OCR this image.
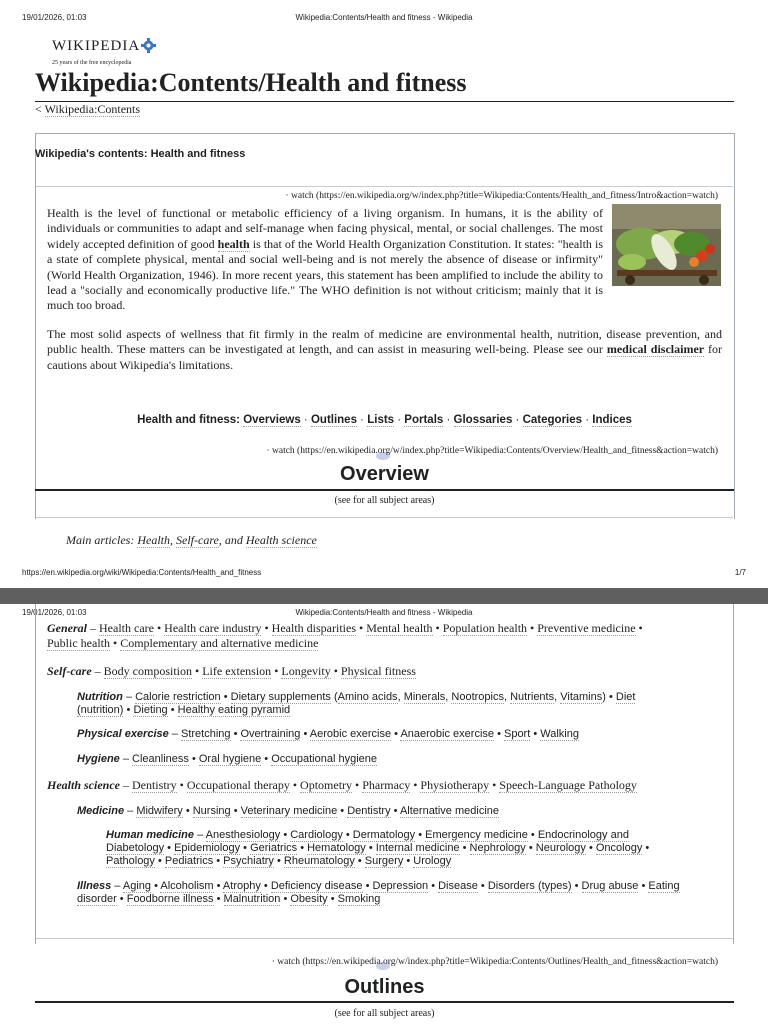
19/01/2026, 01:03	Wikipedia:Contents/Health and fitness - Wikipedia
WIKIPEDIA
25 years of the free encyclopedia
Wikipedia:Contents/Health and fitness
< Wikipedia:Contents
Wikipedia's contents: Health and fitness
· watch (https://en.wikipedia.org/w/index.php?title=Wikipedia:Contents/Health_and_fitness/Intro&action=watch)
Health is the level of functional or metabolic efficiency of a living organism. In humans, it is the ability of individuals or communities to adapt and self-manage when facing physical, mental, or social challenges. The most widely accepted definition of good health is that of the World Health Organization Constitution. It states: "health is a state of complete physical, mental and social well-being and is not merely the absence of disease or infirmity" (World Health Organization, 1946). In more recent years, this statement has been amplified to include the ability to lead a "socially and economically productive life." The WHO definition is not without criticism; mainly that it is much too broad.
The most solid aspects of wellness that fit firmly in the realm of medicine are environmental health, nutrition, disease prevention, and public health. These matters can be investigated at length, and can assist in measuring well-being. Please see our medical disclaimer for cautions about Wikipedia's limitations.
Health and fitness: Overviews · Outlines · Lists · Portals · Glossaries · Categories · Indices
· watch (https://en.wikipedia.org/w/index.php?title=Wikipedia:Contents/Overview/Health_and_fitness&action=watch)
Overview
(see for all subject areas)
Main articles: Health, Self-care, and Health science
https://en.wikipedia.org/wiki/Wikipedia:Contents/Health_and_fitness	1/7
19/01/2026, 01:03	Wikipedia:Contents/Health and fitness - Wikipedia
General – Health care • Health care industry • Health disparities • Mental health • Population health • Preventive medicine •
Public health • Complementary and alternative medicine
Self-care – Body composition • Life extension • Longevity • Physical fitness
Nutrition – Calorie restriction • Dietary supplements (Amino acids, Minerals, Nootropics, Nutrients, Vitamins) • Diet
(nutrition) • Dieting • Healthy eating pyramid
Physical exercise – Stretching • Overtraining • Aerobic exercise • Anaerobic exercise • Sport • Walking
Hygiene – Cleanliness • Oral hygiene • Occupational hygiene
Health science – Dentistry • Occupational therapy • Optometry • Pharmacy • Physiotherapy • Speech-Language Pathology
Medicine – Midwifery • Nursing • Veterinary medicine • Dentistry • Alternative medicine
Human medicine – Anesthesiology • Cardiology • Dermatology • Emergency medicine • Endocrinology and
Diabetology • Epidemiology • Geriatrics • Hematology • Internal medicine • Nephrology • Neurology • Oncology •
Pathology • Pediatrics • Psychiatry • Rheumatology • Surgery • Urology
Illness – Aging • Alcoholism • Atrophy • Deficiency disease • Depression • Disease • Disorders (types) • Drug abuse • Eating
disorder • Foodborne illness • Malnutrition • Obesity • Smoking
· watch (https://en.wikipedia.org/w/index.php?title=Wikipedia:Contents/Outlines/Health_and_fitness&action=watch)
Outlines
(see for all subject areas)
